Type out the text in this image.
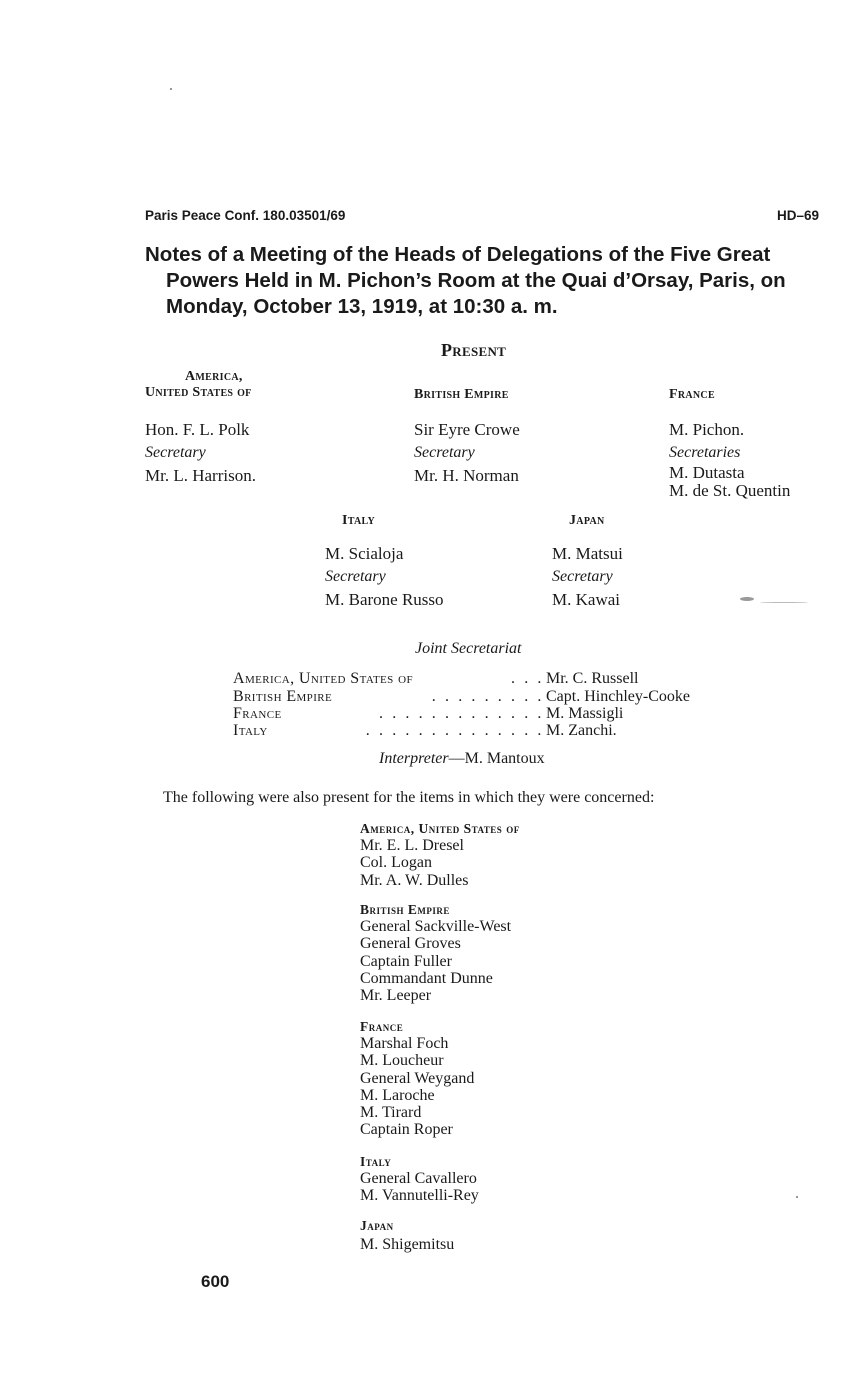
Paris Peace Conf. 180.03501/69	HD–69
Notes of a Meeting of the Heads of Delegations of the Five Great Powers Held in M. Pichon’s Room at the Quai d’Orsay, Paris, on Monday, October 13, 1919, at 10:30 a. m.
Present
America,
United States of
Hon. F. L. Polk
Secretary
Mr. L. Harrison.
British Empire
Sir Eyre Crowe
Secretary
Mr. H. Norman
France
M. Pichon.
Secretaries
M. Dutasta
M. de St. Quentin
Italy
M. Scialoja
Secretary
M. Barone Russo
Japan
M. Matsui
Secretary
M. Kawai
Joint Secretariat
America, United States of	. . . Mr. C. Russell
British Empire	. . . . . . . . . Capt. Hinchley-Cooke
France	. . . . . . . . . . . . . M. Massigli
Italy	. . . . . . . . . . . . . . M. Zanchi.
Interpreter—M. Mantoux
The following were also present for the items in which they were concerned:
America, United States of
Mr. E. L. Dresel
Col. Logan
Mr. A. W. Dulles
British Empire
General Sackville-West
General Groves
Captain Fuller
Commandant Dunne
Mr. Leeper
France
Marshal Foch
M. Loucheur
General Weygand
M. Laroche
M. Tirard
Captain Roper
Italy
General Cavallero
M. Vannutelli-Rey
Japan
M. Shigemitsu
600
